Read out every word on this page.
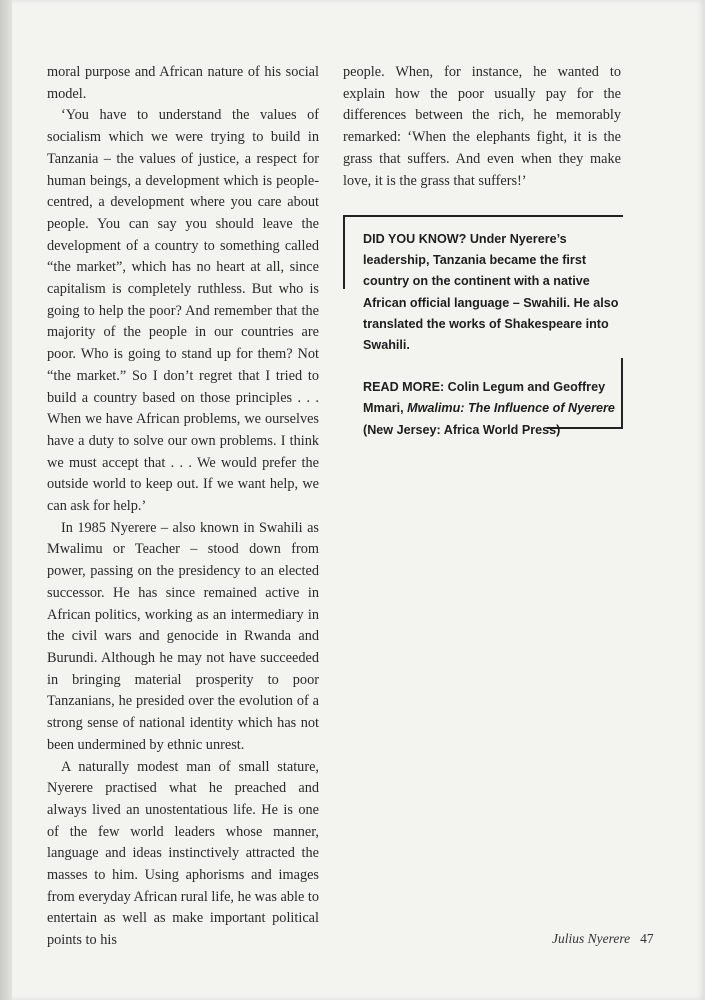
moral purpose and African nature of his social model.

‘You have to understand the values of socialism which we were trying to build in Tanzania – the values of justice, a respect for human beings, a development which is people-centred, a development where you care about people. You can say you should leave the development of a country to something called “the market”, which has no heart at all, since capitalism is completely ruthless. But who is going to help the poor? And remember that the majority of the people in our countries are poor. Who is going to stand up for them? Not “the market.” So I don’t regret that I tried to build a country based on those principles . . . When we have African problems, we ourselves have a duty to solve our own problems. I think we must accept that . . . We would prefer the outside world to keep out. If we want help, we can ask for help.’

In 1985 Nyerere – also known in Swahili as Mwalimu or Teacher – stood down from power, passing on the presidency to an elected successor. He has since remained active in African politics, working as an intermediary in the civil wars and genocide in Rwanda and Burundi. Although he may not have succeeded in bringing material prosperity to poor Tanzanians, he presided over the evolution of a strong sense of national identity which has not been undermined by ethnic unrest.

A naturally modest man of small stature, Nyerere practised what he preached and always lived an unostentatious life. He is one of the few world leaders whose manner, language and ideas instinctively attracted the masses to him. Using aphorisms and images from everyday African rural life, he was able to entertain as well as make important political points to his

people. When, for instance, he wanted to explain how the poor usually pay for the differences between the rich, he memorably remarked: ‘When the elephants fight, it is the grass that suffers. And even when they make love, it is the grass that suffers!’

DID YOU KNOW? Under Nyerere’s leadership, Tanzania became the first country on the continent with a native African official language – Swahili. He also translated the works of Shakespeare into Swahili.

READ MORE: Colin Legum and Geoffrey Mmari, Mwalimu: The Influence of Nyerere (New Jersey: Africa World Press)

Julius Nyerere 47
